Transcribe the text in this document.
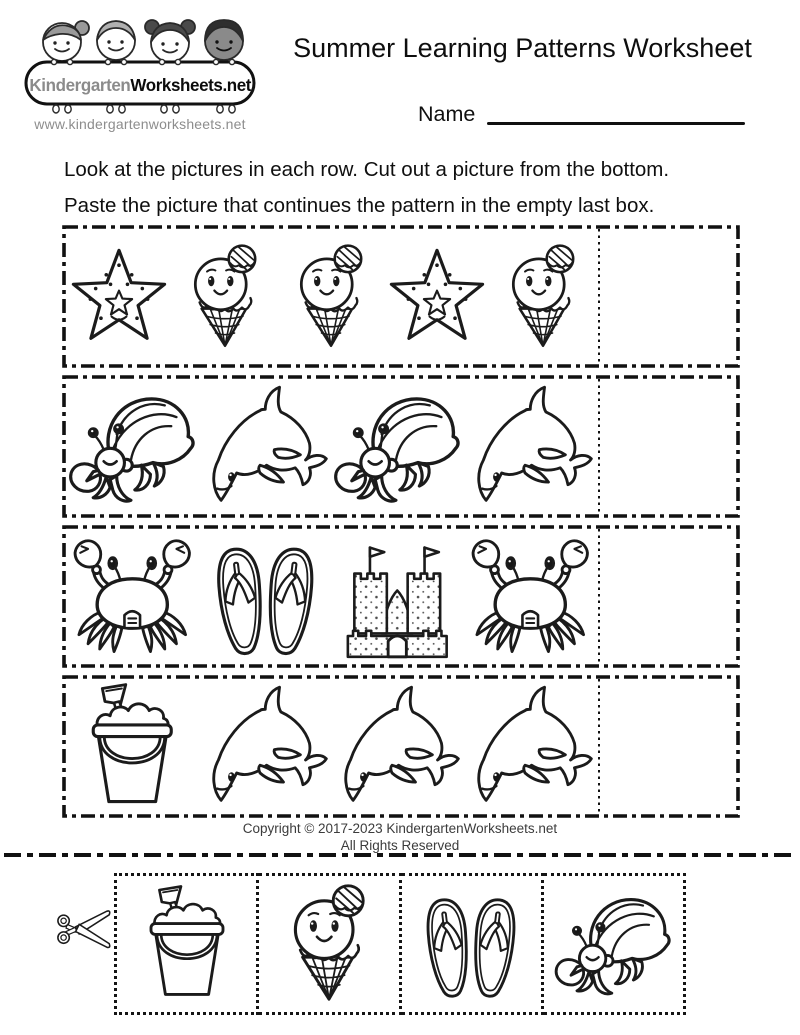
KindergartenWorksheets.net
www.kindergartenworksheets.net
Summer Learning Patterns Worksheet
Name

Look at the pictures in each row. Cut out a picture from the bottom.

Paste the picture that continues the pattern in the empty last box.

Copyright © 2017-2023 KindergartenWorksheets.net
All Rights Reserved
